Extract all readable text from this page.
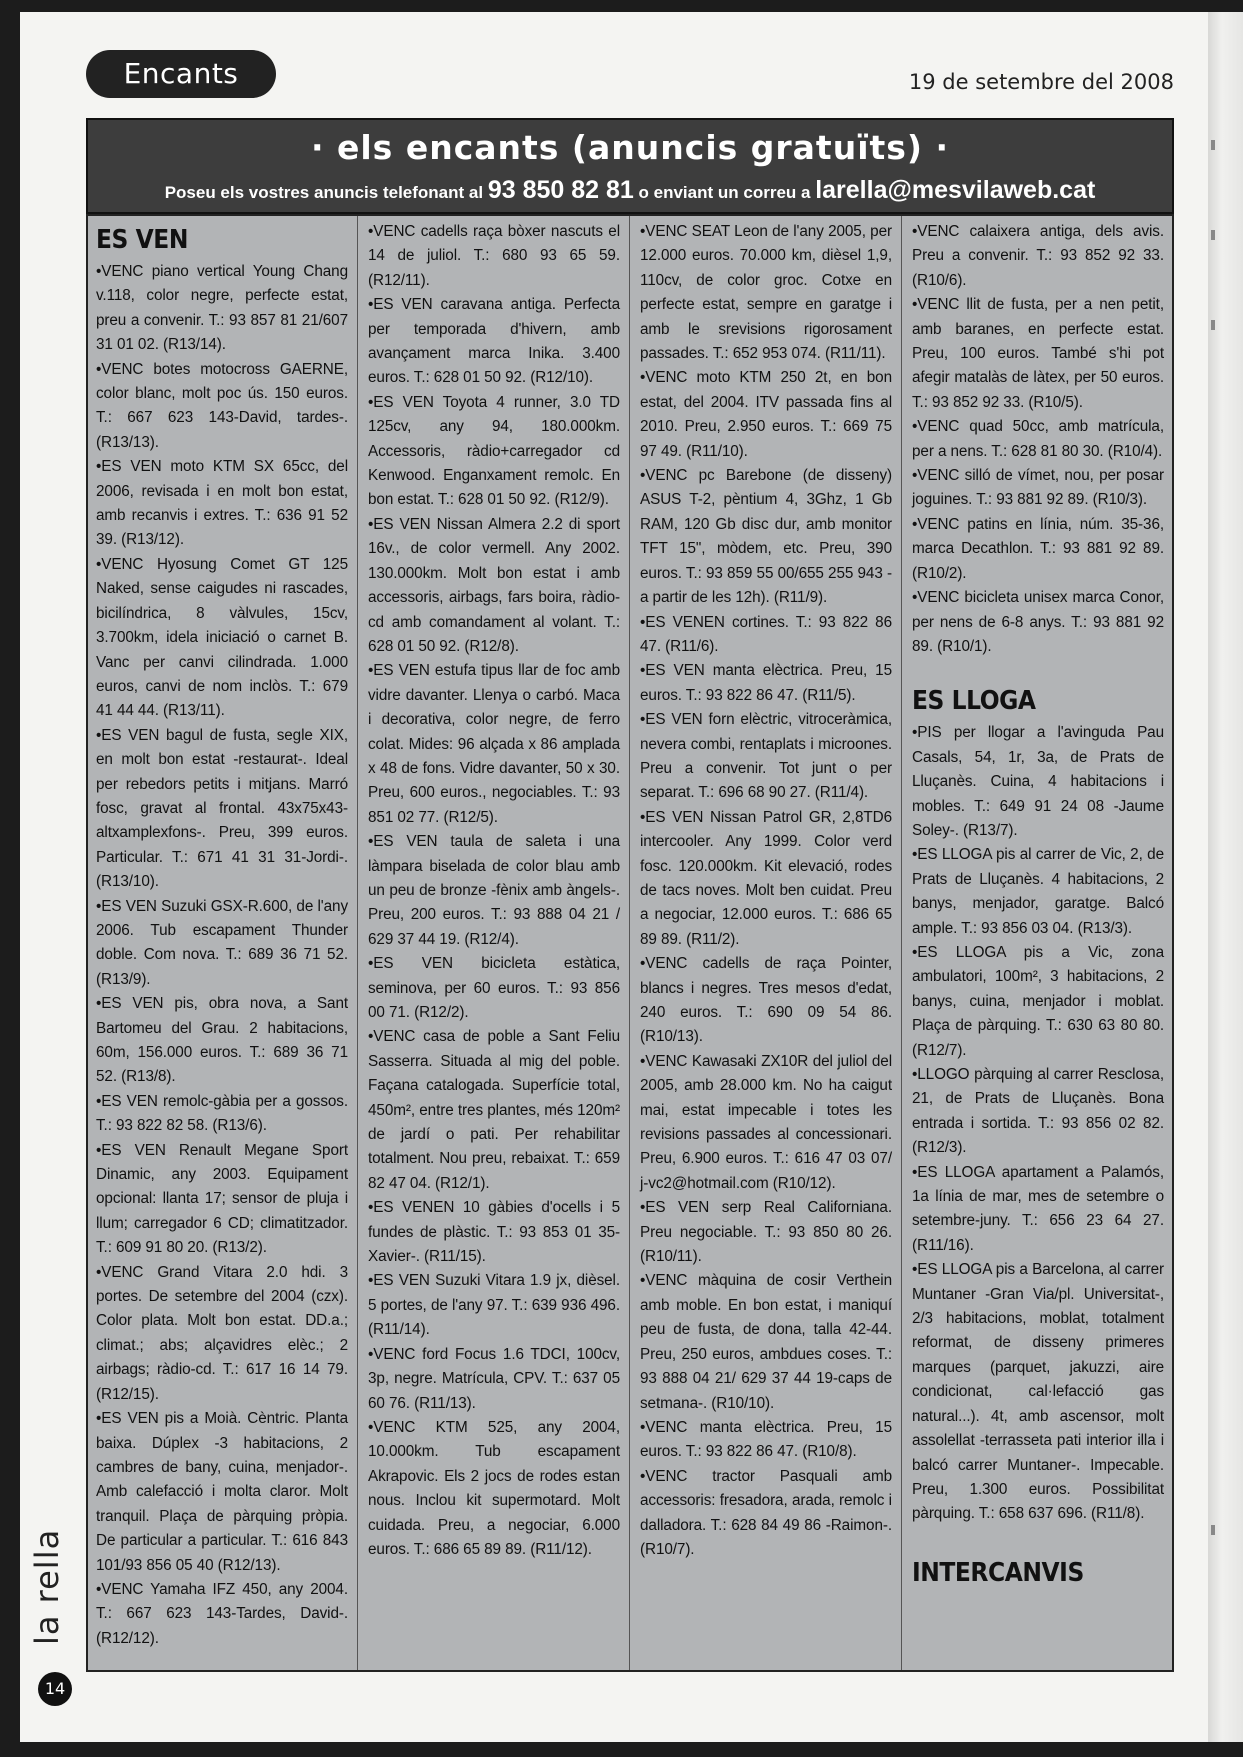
Encants	19 de setembre del 2008
· els encants (anuncis gratuïts) ·
Poseu els vostres anuncis telefonant al 93 850 82 81 o enviant un correu a larella@mesvilaweb.cat
ES VEN

•VENC piano vertical Young Chang v.118, color negre, perfecte estat, preu a convenir. T.: 93 857 81 21/607 31 01 02. (R13/14).

•VENC botes motocross GAERNE, color blanc, molt poc ús. 150 euros. T.: 667 623 143-David, tardes-. (R13/13).

•ES VEN moto KTM SX 65cc, del 2006, revisada i en molt bon estat, amb recanvis i extres. T.: 636 91 52 39. (R13/12).

•VENC Hyosung Comet GT 125 Naked, sense caigudes ni rascades, bicilíndrica, 8 vàlvules, 15cv, 3.700km, idela iniciació o carnet B. Vanc per canvi cilindrada. 1.000 euros, canvi de nom inclòs. T.: 679 41 44 44. (R13/11).

•ES VEN bagul de fusta, segle XIX, en molt bon estat -restaurat-. Ideal per rebedors petits i mitjans. Marró fosc, gravat al frontal. 43x75x43-altxamplexfons-. Preu, 399 euros. Particular. T.: 671 41 31 31-Jordi-. (R13/10).

•ES VEN Suzuki GSX-R.600, de l'any 2006. Tub escapament Thunder doble. Com nova. T.: 689 36 71 52. (R13/9).

•ES VEN pis, obra nova, a Sant Bartomeu del Grau. 2 habitacions, 60m, 156.000 euros. T.: 689 36 71 52. (R13/8).

•ES VEN remolc-gàbia per a gossos. T.: 93 822 82 58. (R13/6).

•ES VEN Renault Megane Sport Dinamic, any 2003. Equipament opcional: llanta 17; sensor de pluja i llum; carregador 6 CD; climatitzador. T.: 609 91 80 20. (R13/2).

•VENC Grand Vitara 2.0 hdi. 3 portes. De setembre del 2004 (czx). Color plata. Molt bon estat. DD.a.; climat.; abs; alçavidres elèc.; 2 airbags; ràdio-cd. T.: 617 16 14 79. (R12/15).

•ES VEN pis a Moià. Cèntric. Planta baixa. Dúplex -3 habitacions, 2 cambres de bany, cuina, menjador-. Amb calefacció i molta claror. Molt tranquil. Plaça de pàrquing pròpia. De particular a particular. T.: 616 843 101/93 856 05 40 (R12/13).

•VENC Yamaha IFZ 450, any 2004. T.: 667 623 143-Tardes, David-. (R12/12).

•VENC cadells raça bòxer nascuts el 14 de juliol. T.: 680 93 65 59. (R12/11).

•ES VEN caravana antiga. Perfecta per temporada d'hivern, amb avançament marca Inika. 3.400 euros. T.: 628 01 50 92. (R12/10).

•ES VEN Toyota 4 runner, 3.0 TD 125cv, any 94, 180.000km. Accessoris, ràdio+carregador cd Kenwood. Enganxament remolc. En bon estat. T.: 628 01 50 92. (R12/9).

•ES VEN Nissan Almera 2.2 di sport 16v., de color vermell. Any 2002. 130.000km. Molt bon estat i amb accessoris, airbags, fars boira, ràdio-cd amb comandament al volant. T.: 628 01 50 92. (R12/8).

•ES VEN estufa tipus llar de foc amb vidre davanter. Llenya o carbó. Maca i decorativa, color negre, de ferro colat. Mides: 96 alçada x 86 amplada x 48 de fons. Vidre davanter, 50 x 30. Preu, 600 euros., negociables. T.: 93 851 02 77. (R12/5).

•ES VEN taula de saleta i una làmpara biselada de color blau amb un peu de bronze -fènix amb àngels-. Preu, 200 euros. T.: 93 888 04 21 / 629 37 44 19. (R12/4).

•ES VEN bicicleta estàtica, seminova, per 60 euros. T.: 93 856 00 71. (R12/2).

•VENC casa de poble a Sant Feliu Sasserra. Situada al mig del poble. Façana catalogada. Superfície total, 450m², entre tres plantes, més 120m² de jardí o pati. Per rehabilitar totalment. Nou preu, rebaixat. T.: 659 82 47 04. (R12/1).

•ES VENEN 10 gàbies d'ocells i 5 fundes de plàstic. T.: 93 853 01 35-Xavier-. (R11/15).

•ES VEN Suzuki Vitara 1.9 jx, dièsel. 5 portes, de l'any 97. T.: 639 936 496. (R11/14).

•VENC ford Focus 1.6 TDCI, 100cv, 3p, negre. Matrícula, CPV. T.: 637 05 60 76. (R11/13).

•VENC KTM 525, any 2004, 10.000km. Tub escapament Akrapovic. Els 2 jocs de rodes estan nous. Inclou kit supermotard. Molt cuidada. Preu, a negociar, 6.000 euros. T.: 686 65 89 89. (R11/12).

•VENC SEAT Leon de l'any 2005, per 12.000 euros. 70.000 km, dièsel 1,9, 110cv, de color groc. Cotxe en perfecte estat, sempre en garatge i amb le srevisions rigorosament passades. T.: 652 953 074. (R11/11).

•VENC moto KTM 250 2t, en bon estat, del 2004. ITV passada fins al 2010. Preu, 2.950 euros. T.: 669 75 97 49. (R11/10).

•VENC pc Barebone (de disseny) ASUS T-2, pèntium 4, 3Ghz, 1 Gb RAM, 120 Gb disc dur, amb monitor TFT 15", mòdem, etc. Preu, 390 euros. T.: 93 859 55 00/655 255 943 -a partir de les 12h). (R11/9).

•ES VENEN cortines. T.: 93 822 86 47. (R11/6).

•ES VEN manta elèctrica. Preu, 15 euros. T.: 93 822 86 47. (R11/5).

•ES VEN forn elèctric, vitroceràmica, nevera combi, rentaplats i microones. Preu a convenir. Tot junt o per separat. T.: 696 68 90 27. (R11/4).

•ES VEN Nissan Patrol GR, 2,8TD6 intercooler. Any 1999. Color verd fosc. 120.000km. Kit elevació, rodes de tacs noves. Molt ben cuidat. Preu a negociar, 12.000 euros. T.: 686 65 89 89. (R11/2).

•VENC cadells de raça Pointer, blancs i negres. Tres mesos d'edat, 240 euros. T.: 690 09 54 86. (R10/13).

•VENC Kawasaki ZX10R del juliol del 2005, amb 28.000 km. No ha caigut mai, estat impecable i totes les revisions passades al concessionari. Preu, 6.900 euros. T.: 616 47 03 07/ j-vc2@hotmail.com (R10/12).

•ES VEN serp Real Californiana. Preu negociable. T.: 93 850 80 26. (R10/11).

•VENC màquina de cosir Verthein amb moble. En bon estat, i maniquí peu de fusta, de dona, talla 42-44. Preu, 250 euros, ambdues coses. T.: 93 888 04 21/ 629 37 44 19-caps de setmana-. (R10/10).

•VENC manta elèctrica. Preu, 15 euros. T.: 93 822 86 47. (R10/8).

•VENC tractor Pasquali amb accessoris: fresadora, arada, remolc i dalladora. T.: 628 84 49 86 -Raimon-. (R10/7).

•VENC calaixera antiga, dels avis. Preu a convenir. T.: 93 852 92 33. (R10/6).

•VENC llit de fusta, per a nen petit, amb baranes, en perfecte estat. Preu, 100 euros. També s'hi pot afegir matalàs de làtex, per 50 euros. T.: 93 852 92 33. (R10/5).

•VENC quad 50cc, amb matrícula, per a nens. T.: 628 81 80 30. (R10/4).

•VENC silló de vímet, nou, per posar joguines. T.: 93 881 92 89. (R10/3).

•VENC patins en línia, núm. 35-36, marca Decathlon. T.: 93 881 92 89. (R10/2).

•VENC bicicleta unisex marca Conor, per nens de 6-8 anys. T.: 93 881 92 89. (R10/1).

ES LLOGA

•PIS per llogar a l'avinguda Pau Casals, 54, 1r, 3a, de Prats de Lluçanès. Cuina, 4 habitacions i mobles. T.: 649 91 24 08 -Jaume Soley-. (R13/7).

•ES LLOGA pis al carrer de Vic, 2, de Prats de Lluçanès. 4 habitacions, 2 banys, menjador, garatge. Balcó ample. T.: 93 856 03 04. (R13/3).

•ES LLOGA pis a Vic, zona ambulatori, 100m², 3 habitacions, 2 banys, cuina, menjador i moblat. Plaça de pàrquing. T.: 630 63 80 80. (R12/7).

•LLOGO pàrquing al carrer Resclosa, 21, de Prats de Lluçanès. Bona entrada i sortida. T.: 93 856 02 82. (R12/3).

•ES LLOGA apartament a Palamós, 1a línia de mar, mes de setembre o setembre-juny. T.: 656 23 64 27. (R11/16).

•ES LLOGA pis a Barcelona, al carrer Muntaner -Gran Via/pl. Universitat-, 2/3 habitacions, moblat, totalment reformat, de disseny primeres marques (parquet, jakuzzi, aire condicionat, cal·lefacció gas natural...). 4t, amb ascensor, molt assolellat -terrasseta pati interior illa i balcó carrer Muntaner-. Impecable. Preu, 1.300 euros. Possibilitat pàrquing. T.: 658 637 696. (R11/8).

INTERCANVIS
la rella
14
